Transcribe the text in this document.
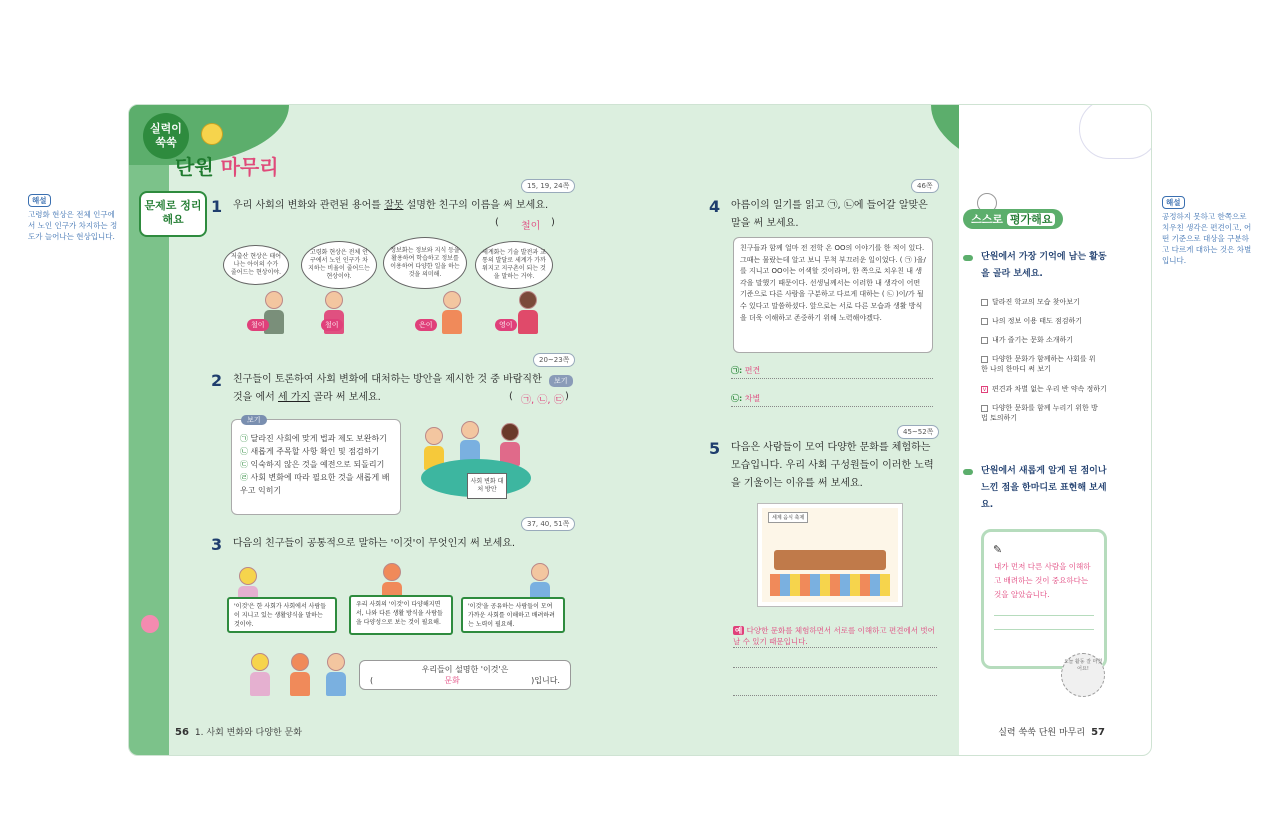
해설
고령화 현상은 전체 인구에서 노인 인구가 차지하는 정도가 늘어나는 현상입니다.
해설
공정하지 못하고 한쪽으로 치우친 생각은 편견이고, 어떤 기준으로 대상을 구분하고 다르게 대하는 것은 차별입니다.
실력이 쑥쑥
단원 마무리
문제로 정리해요
1 우리 사회의 변화와 관련된 용어를 잘못 설명한 친구의 이름을 써 보세요.
15, 19, 24쪽
( 철이 )
저출산 현상은 태어나는 아이의 수가 줄어드는 현상이야.
고령화 현상은 전체 인구에서 노인 인구가 차지하는 비율이 줄어드는 현상이야.
정보화는 정보와 지식 등을 활용하여 학습하고 정보를 이용하여 다양한 일을 하는 것을 의미해.
세계화는 기술 발전과 교통의 발달로 세계가 가까워지고 지구촌이 되는 것을 말하는 거야.
철이	철이	은이	영이
2 친구들이 토론하여 사회 변화에 대처하는 방안을 제시한 것 중 바람직한 것을 에서 세 가지 골라 써 보세요.
보기
20~23쪽
( ㉠, ㉡, ㉢ )
㉠ 달라진 사회에 맞게 법과 제도 보완하기
㉡ 새롭게 주목할 사항 확인 및 점검하기
㉢ 익숙하지 않은 것을 예전으로 되돌리기
㉣ 사회 변화에 따라 필요한 것을 새롭게 배우고 익히기
보기
사회 변화 대처 방안
3 다음의 친구들이 공통적으로 말하는 '이것'이 무엇인지 써 보세요.
37, 40, 51쪽
'이것'은 한 사회가 사회에서 사람들이 지니고 있는 생활양식을 말하는 것이야.
우리 사회의 '이것'이 다양해지면서, 나와 다른 생활 방식을 사람들을 다양성으로 보는 것이 필요해.
'이것'을 공유하는 사람들이 모여 가까운 사회를 이해하고 배려하려는 노력이 필요해.
우리들이 설명한 '이것'은
(	문화	)입니다.
56 1. 사회 변화와 다양한 문화
4 아름이의 일기를 읽고 ㉠, ㉡에 들어갈 알맞은 말을 써 보세요.
46쪽
친구들과 함께 얼마 전 전학 온 OO의 이야기를 한 적이 있다. 그때는 물랐는데 알고 보니 무척 부끄러운 일이었다. ( ㉠ )을/를 지니고 OO이는 어색할 것이라며, 한 쪽으로 치우친 내 생각을 말했기 때문이다. 선생님께서는 이러한 내 생각이 어떤 기준으로 다른 사람을 구분하고 다르게 대하는 ( ㉡ )이/가 될 수 있다고 말씀하셨다. 앞으로는 서로 다른 모습과 생활 방식을 더욱 이해하고 존중하기 위해 노력해야겠다.
㉠: 편견
㉡: 차별
5 다음은 사람들이 모여 다양한 문화를 체험하는 모습입니다. 우리 사회 구성원들이 이러한 노력을 기울이는 이유를 써 보세요.
45~52쪽
세계 음식 축제
예 다양한 문화를 체험하면서 서로를 이해하고 편견에서 벗어날 수 있기 때문입니다.
스스로 평가해요
단원에서 가장 기억에 남는 활동을 골라 보세요.
달라진 학교의 모습 찾아보기
나의 정보 이용 태도 점검하기
내가 즐기는 문화 소개하기
다양한 문화가 함께하는 사회를 위한 나의 한마디 써 보기
v 편견과 차별 없는 우리 반 약속 정하기
다양한 문화를 함께 누리기 위한 방법 토의하기
단원에서 새롭게 알게 된 점이나 느낀 점을 한마디로 표현해 보세요.
내가 먼저 다른 사람을 이해하고 배려하는 것이 중요하다는 것을 알았습니다.
✎
오늘 활동 잘 마쳤어요!
실력 쑥쑥 단원 마무리 57
